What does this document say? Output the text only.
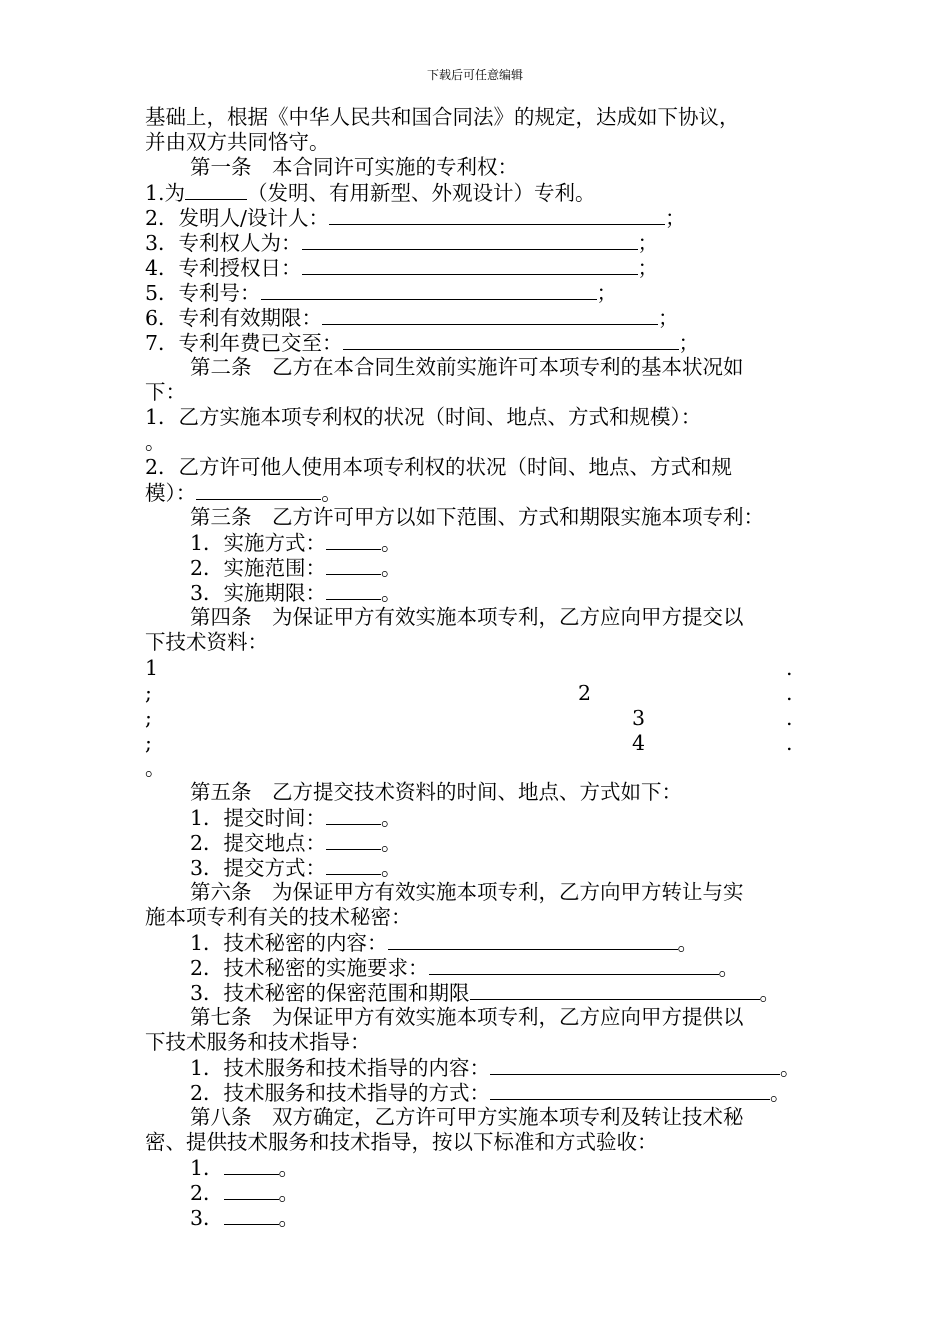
下载后可任意编辑
基础上，根据《中华人民共和国合同法》的规定，达成如下协议，
并由双方共同恪守。
第一条　本合同许可实施的专利权：
1.为	（发明、有用新型、外观设计）专利。
2．发明人/设计人：	；
3．专利权人为：	；
4．专利授权日：	；
5．专利号：	；
6．专利有效期限：	；
7．专利年费已交至：	；
第二条　乙方在本合同生效前实施许可本项专利的基本状况如
下：
1．乙方实施本项专利权的状况（时间、地点、方式和规模）：
。
2．乙方许可他人使用本项专利权的状况（时间、地点、方式和规
模）：	。
第三条　乙方许可甲方以如下范围、方式和期限实施本项专利：
1．实施方式：	。
2．实施范围：	。
3．实施期限：	。
第四条　为保证甲方有效实施本项专利，乙方应向甲方提交以
下技术资料：
1	.
;	2	.
;	3	.
;	4	.
。
第五条　乙方提交技术资料的时间、地点、方式如下：
1．提交时间：	。
2．提交地点：	。
3．提交方式：	。
第六条　为保证甲方有效实施本项专利，乙方向甲方转让与实
施本项专利有关的技术秘密：
1．技术秘密的内容：	。
2．技术秘密的实施要求：	。
3．技术秘密的保密范围和期限	。
第七条　为保证甲方有效实施本项专利，乙方应向甲方提供以
下技术服务和技术指导：
1．技术服务和技术指导的内容：	。
2．技术服务和技术指导的方式：	。
第八条　双方确定，乙方许可甲方实施本项专利及转让技术秘
密、提供技术服务和技术指导，按以下标准和方式验收：
1．	。
2．	。
3．	。
